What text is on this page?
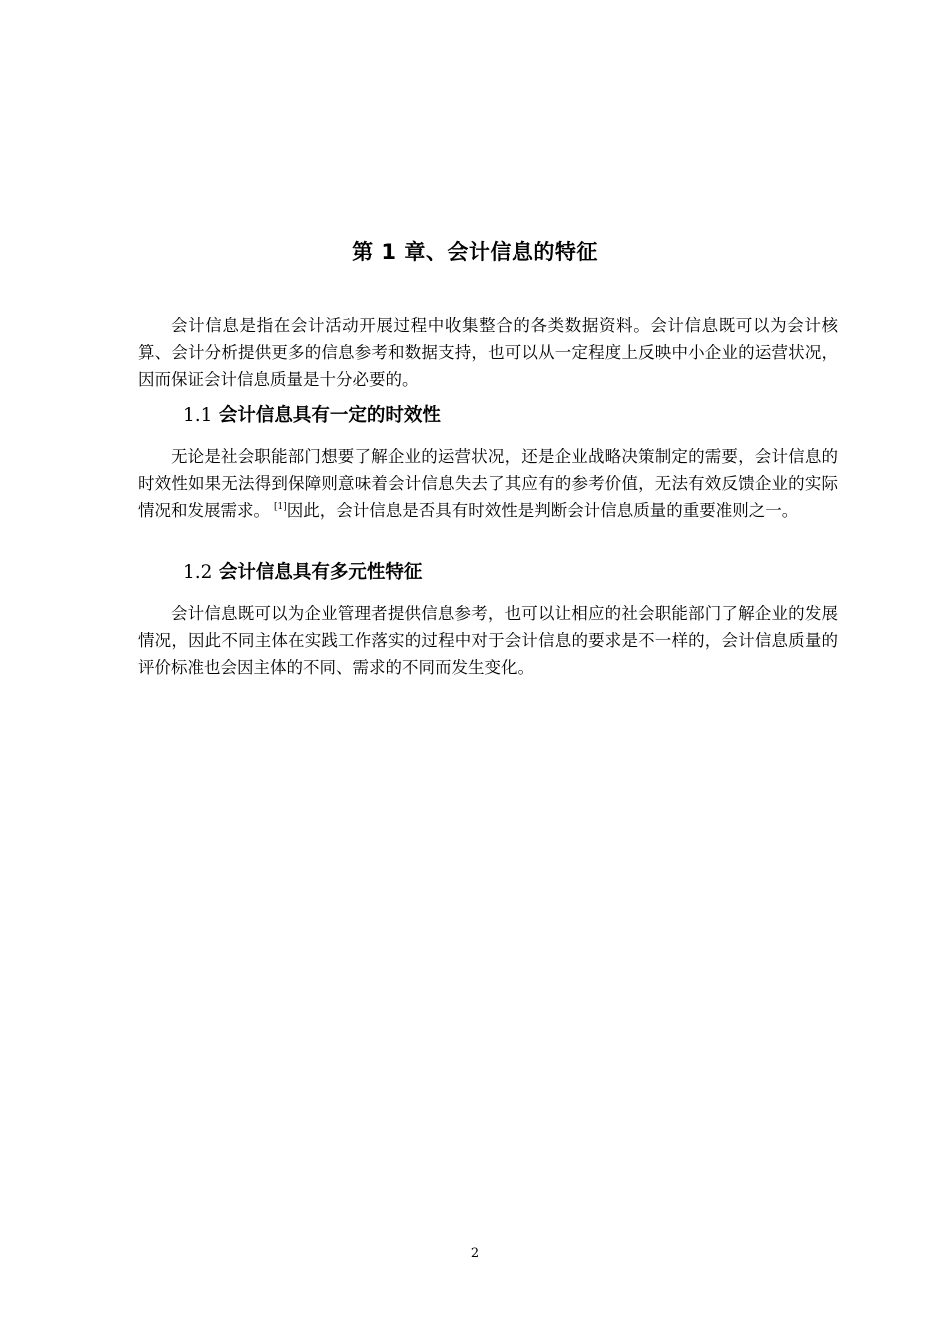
第 1 章、会计信息的特征

会计信息是指在会计活动开展过程中收集整合的各类数据资料。会计信息既可以为会计核算、会计分析提供更多的信息参考和数据支持，也可以从一定程度上反映中小企业的运营状况，因而保证会计信息质量是十分必要的。

1.1 会计信息具有一定的时效性

无论是社会职能部门想要了解企业的运营状况，还是企业战略决策制定的需要，会计信息的时效性如果无法得到保障则意味着会计信息失去了其应有的参考价值，无法有效反馈企业的实际情况和发展需求。 [1]因此，会计信息是否具有时效性是判断会计信息质量的重要准则之一。

1.2 会计信息具有多元性特征

会计信息既可以为企业管理者提供信息参考，也可以让相应的社会职能部门了解企业的发展情况，因此不同主体在实践工作落实的过程中对于会计信息的要求是不一样的，会计信息质量的评价标准也会因主体的不同、需求的不同而发生变化。

2
